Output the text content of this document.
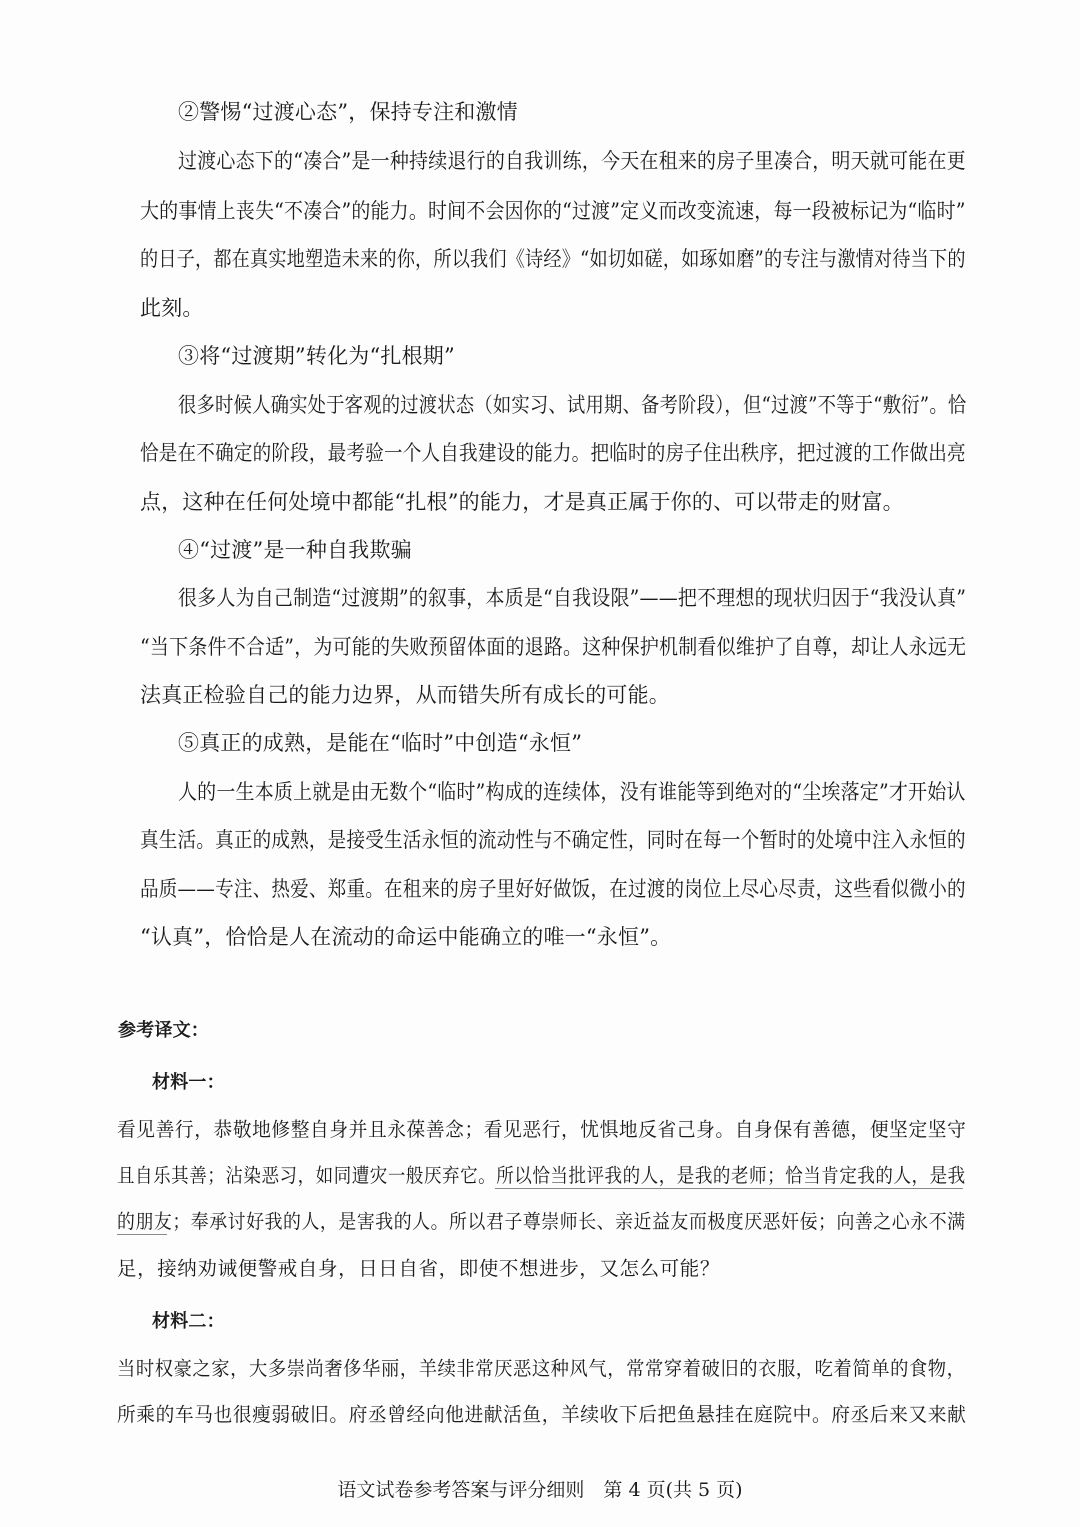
②警惕“过渡心态”，保持专注和激情
过渡心态下的“凑合”是一种持续退行的自我训练，今天在租来的房子里凑合，明天就可能在更
大的事情上丧失“不凑合”的能力。时间不会因你的“过渡”定义而改变流速，每一段被标记为“临时”
的日子，都在真实地塑造未来的你，所以我们《诗经》“如切如磋，如琢如磨”的专注与激情对待当下的
此刻。
③将“过渡期”转化为“扎根期”
很多时候人确实处于客观的过渡状态（如实习、试用期、备考阶段），但“过渡”不等于“敷衍”。恰
恰是在不确定的阶段，最考验一个人自我建设的能力。把临时的房子住出秩序，把过渡的工作做出亮
点，这种在任何处境中都能“扎根”的能力，才是真正属于你的、可以带走的财富。
④“过渡”是一种自我欺骗
很多人为自己制造“过渡期”的叙事，本质是“自我设限”——把不理想的现状归因于“我没认真”
“当下条件不合适”，为可能的失败预留体面的退路。这种保护机制看似维护了自尊，却让人永远无
法真正检验自己的能力边界，从而错失所有成长的可能。
⑤真正的成熟，是能在“临时”中创造“永恒”
人的一生本质上就是由无数个“临时”构成的连续体，没有谁能等到绝对的“尘埃落定”才开始认
真生活。真正的成熟，是接受生活永恒的流动性与不确定性，同时在每一个暂时的处境中注入永恒的
品质——专注、热爱、郑重。在租来的房子里好好做饭，在过渡的岗位上尽心尽责，这些看似微小的
“认真”，恰恰是人在流动的命运中能确立的唯一“永恒”。
参考译文：
材料一：
看见善行，恭敬地修整自身并且永葆善念；看见恶行，忧惧地反省己身。自身保有善德，便坚定坚守
且自乐其善；沾染恶习，如同遭灾一般厌弃它。所以恰当批评我的人，是我的老师；恰当肯定我的人，是我
的朋友；奉承讨好我的人，是害我的人。所以君子尊崇师长、亲近益友而极度厌恶奸佞；向善之心永不满
足，接纳劝诫便警戒自身，日日自省，即使不想进步，又怎么可能？
材料二：
当时权豪之家，大多崇尚奢侈华丽，羊续非常厌恶这种风气，常常穿着破旧的衣服，吃着简单的食物，
所乘的车马也很瘦弱破旧。府丞曾经向他进献活鱼，羊续收下后把鱼悬挂在庭院中。府丞后来又来献
语文试卷参考答案与评分细则　第 4 页(共 5 页)
